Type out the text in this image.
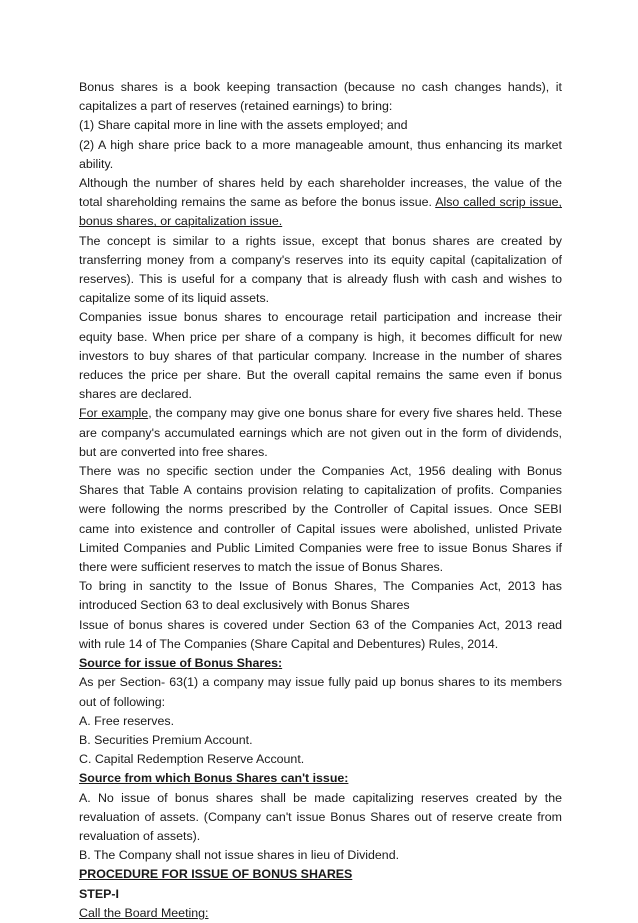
Bonus shares is a book keeping transaction (because no cash changes hands), it capitalizes a part of reserves (retained earnings) to bring:

(1) Share capital more in line with the assets employed; and

(2) A high share price back to a more manageable amount, thus enhancing its market ability.

Although the number of shares held by each shareholder increases, the value of the total shareholding remains the same as before the bonus issue. Also called scrip issue, bonus shares, or capitalization issue.

The concept is similar to a rights issue, except that bonus shares are created by transferring money from a company's reserves into its equity capital (capitalization of reserves). This is useful for a company that is already flush with cash and wishes to capitalize some of its liquid assets.

Companies issue bonus shares to encourage retail participation and increase their equity base. When price per share of a company is high, it becomes difficult for new investors to buy shares of that particular company. Increase in the number of shares reduces the price per share. But the overall capital remains the same even if bonus shares are declared.

For example, the company may give one bonus share for every five shares held. These are company's accumulated earnings which are not given out in the form of dividends, but are converted into free shares.

There was no specific section under the Companies Act, 1956 dealing with Bonus Shares that Table A contains provision relating to capitalization of profits. Companies were following the norms prescribed by the Controller of Capital issues. Once SEBI came into existence and controller of Capital issues were abolished, unlisted Private Limited Companies and Public Limited Companies were free to issue Bonus Shares if there were sufficient reserves to match the issue of Bonus Shares.

To bring in sanctity to the Issue of Bonus Shares, The Companies Act, 2013 has introduced Section 63 to deal exclusively with Bonus Shares

Issue of bonus shares is covered under Section 63 of the Companies Act, 2013 read with rule 14 of The Companies (Share Capital and Debentures) Rules, 2014.

Source for issue of Bonus Shares:

As per Section- 63(1) a company may issue fully paid up bonus shares to its members out of following:

A. Free reserves.

B. Securities Premium Account.

C. Capital Redemption Reserve Account.

Source from which Bonus Shares can't issue:

A. No issue of bonus shares shall be made capitalizing reserves created by the revaluation of assets. (Company can't issue Bonus Shares out of reserve create from revaluation of assets).

B. The Company shall not issue shares in lieu of Dividend.

PROCEDURE FOR ISSUE OF BONUS SHARES

STEP-I

Call the Board Meeting:
